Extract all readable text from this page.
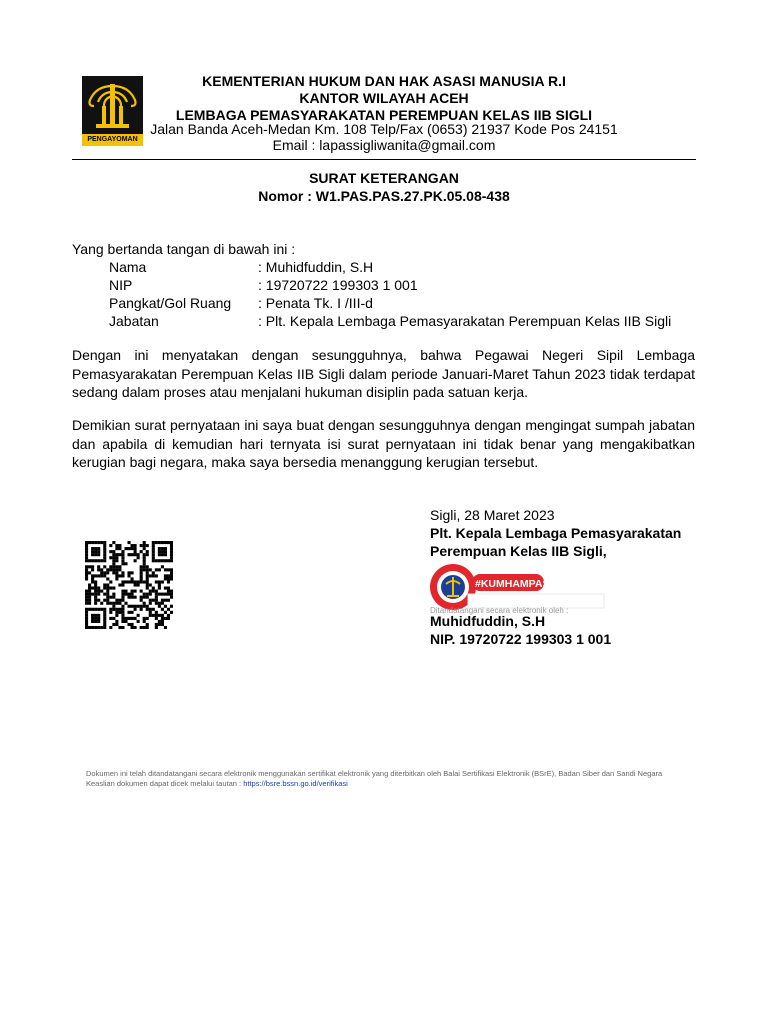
PENGAYOMAN
KEMENTERIAN HUKUM DAN HAK ASASI MANUSIA R.I
KANTOR WILAYAH ACEH
LEMBAGA PEMASYARAKATAN PEREMPUAN KELAS IIB SIGLI
Jalan Banda Aceh-Medan Km. 108 Telp/Fax (0653) 21937 Kode Pos 24151
Email : lapassigliwanita@gmail.com
SURAT KETERANGAN
Nomor : W1.PAS.PAS.27.PK.05.08-438
Yang bertanda tangan di bawah ini :
Nama	: Muhidfuddin, S.H
NIP	: 19720722 199303 1 001
Pangkat/Gol Ruang : Penata Tk. I /III-d
Jabatan	: Plt. Kepala Lembaga Pemasyarakatan Perempuan Kelas IIB Sigli
Dengan ini menyatakan dengan sesungguhnya, bahwa Pegawai Negeri Sipil Lembaga Pemasyarakatan Perempuan Kelas IIB Sigli dalam periode Januari-Maret Tahun 2023 tidak terdapat sedang dalam proses atau menjalani hukuman disiplin pada satuan kerja.
Demikian surat pernyataan ini saya buat dengan sesungguhnya dengan mengingat sumpah jabatan dan apabila di kemudian hari ternyata isi surat pernyataan ini tidak benar yang mengakibatkan kerugian bagi negara, maka saya bersedia menanggung kerugian tersebut.
Sigli, 28 Maret 2023
Plt. Kepala Lembaga Pemasyarakatan
Perempuan Kelas IIB Sigli,
#KUMHAMPASTI
Ditandatangani secara elektronik oleh :
Muhidfuddin, S.H
NIP. 19720722 199303 1 001
Dokumen ini telah ditandatangani secara elektronik menggunakan sertifikat elektronik yang diterbitkan oleh Balai Sertifikasi Elektronik (BSrE), Badan Siber dan Sandi Negara
Keaslian dokumen dapat dicek melalui tautan : https://bsre.bssn.go.id/verifikasi
